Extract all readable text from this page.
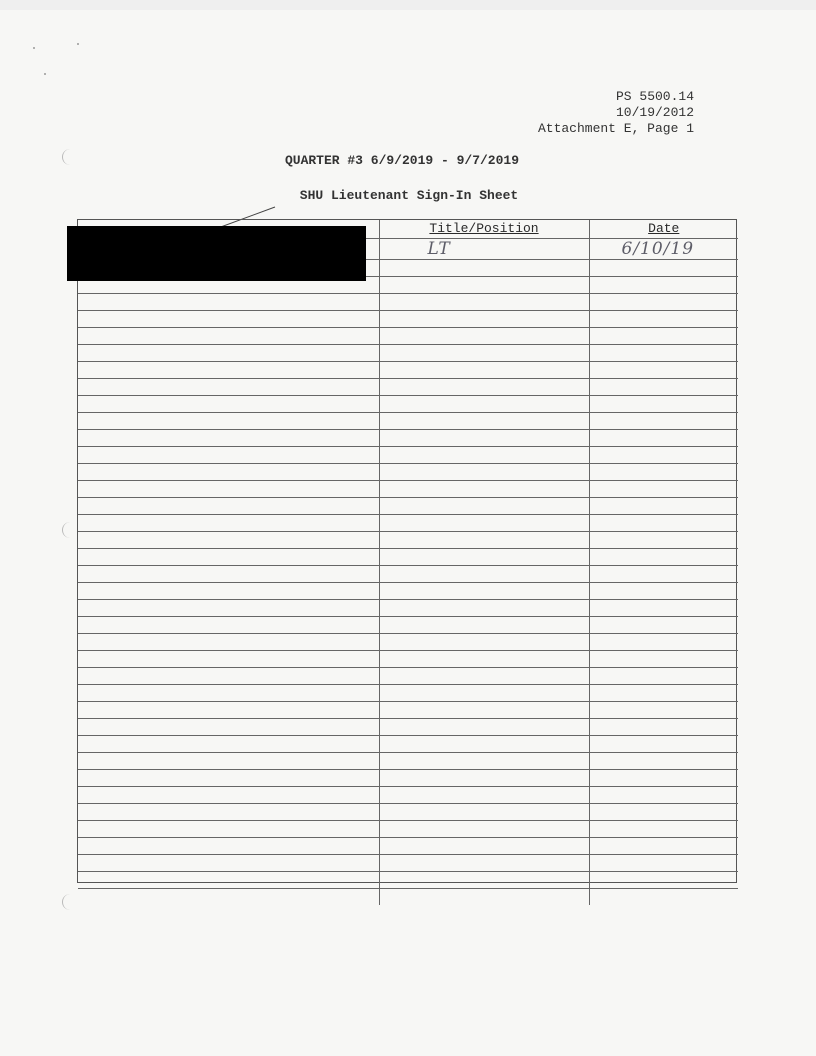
PS 5500.14
10/19/2012
Attachment E, Page 1
QUARTER #3 6/9/2019 - 9/7/2019
SHU Lieutenant Sign-In Sheet

	Title/Position	Date

	LT	6/10/19
